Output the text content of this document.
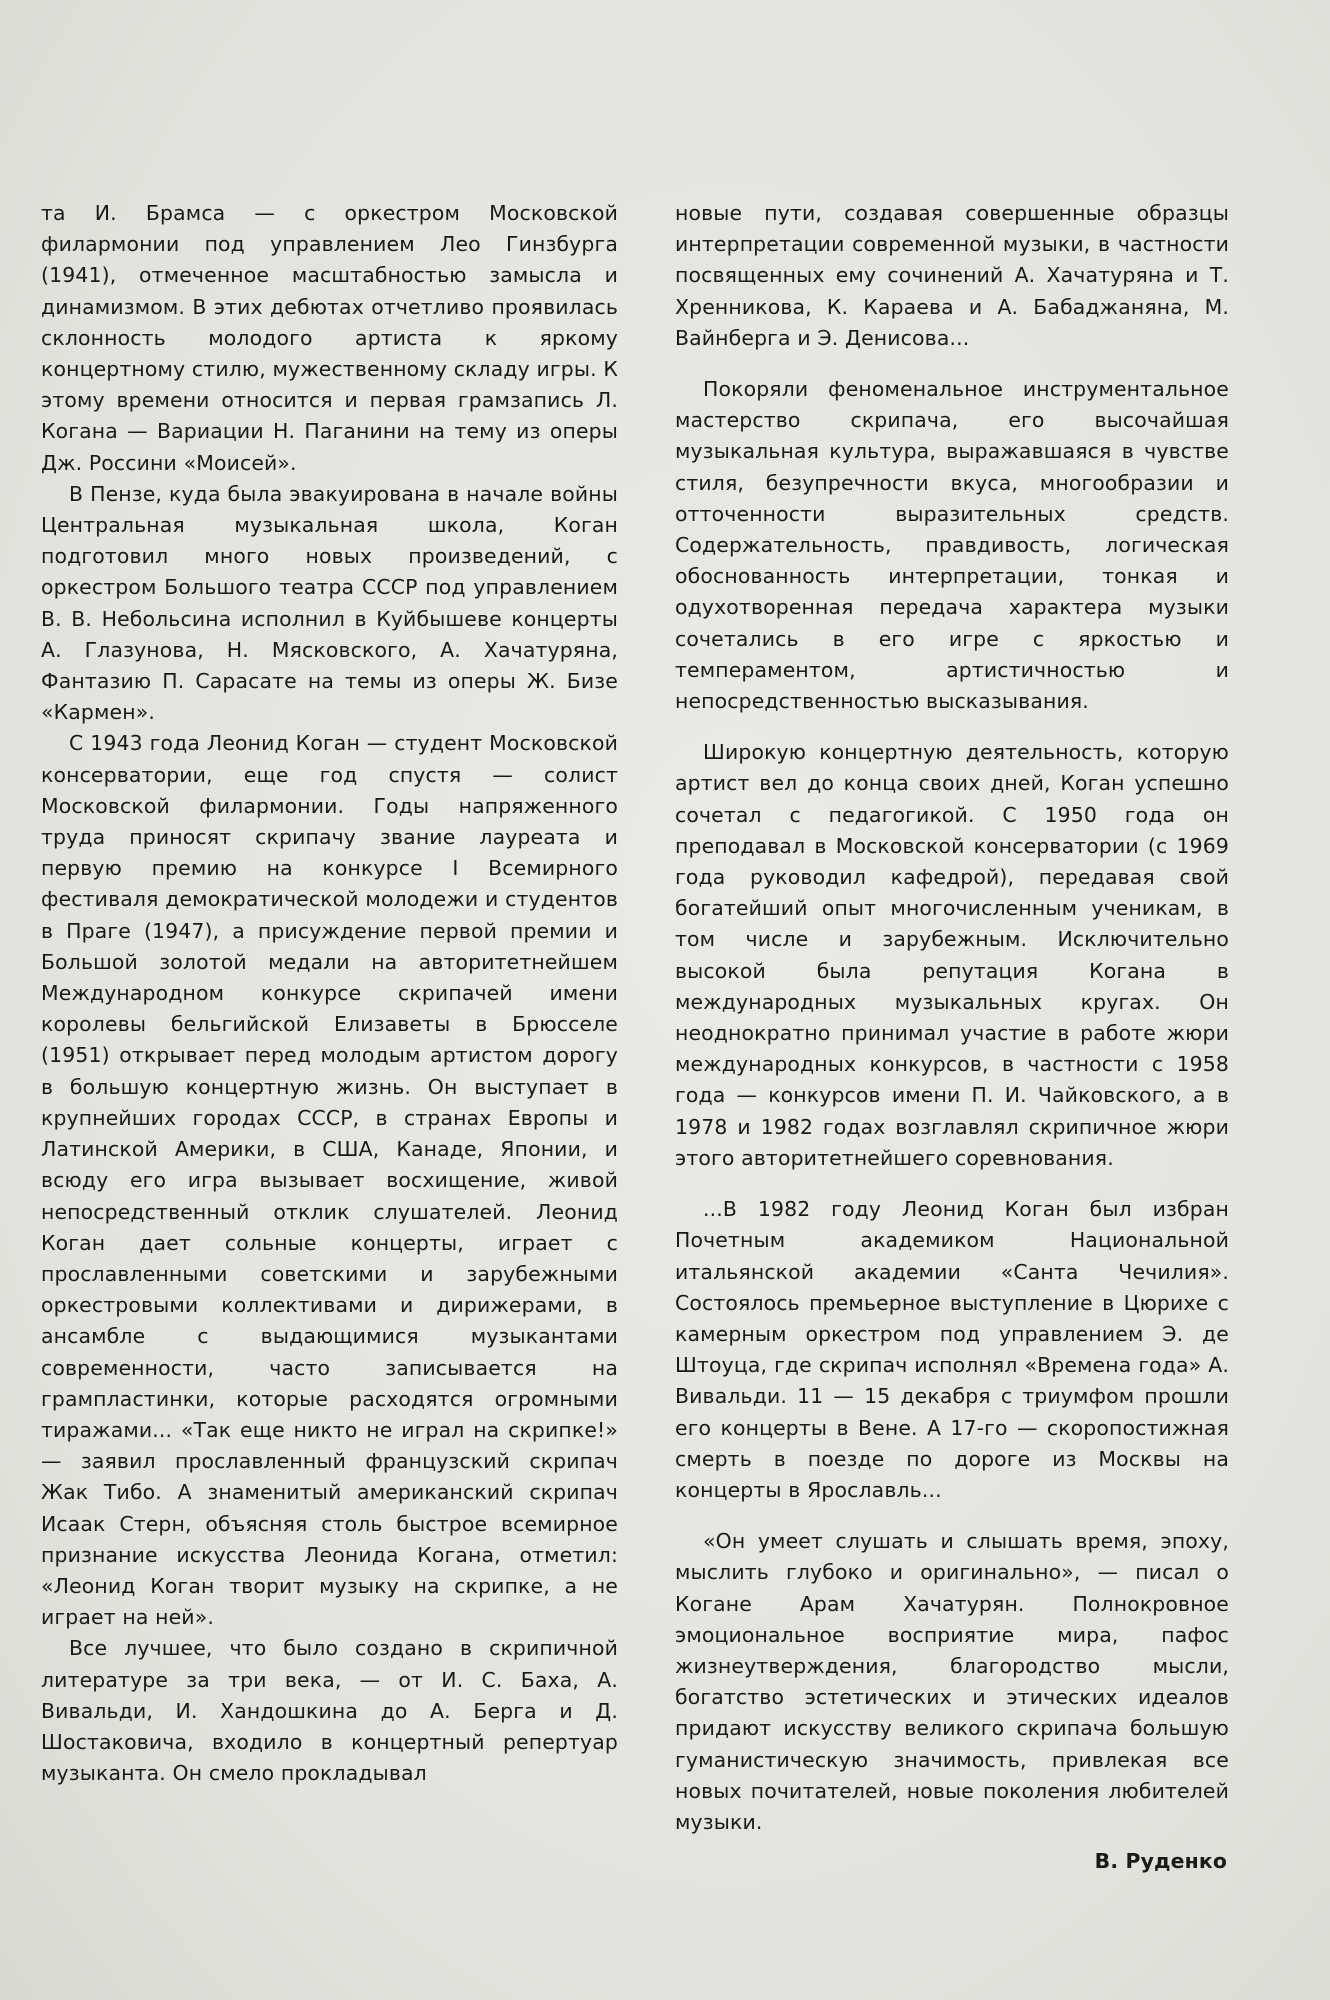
та И. Брамса — с оркестром Московской филармонии под управлением Лео Гинзбурга (1941), отмеченное масштабностью замысла и динамизмом. В этих дебютах отчетливо проявилась склонность молодого артиста к яркому концертному стилю, мужественному складу игры. К этому времени относится и первая грамзапись Л. Когана — Вариации Н. Паганини на тему из оперы Дж. Россини «Моисей».

В Пензе, куда была эвакуирована в начале войны Центральная музыкальная школа, Коган подготовил много новых произведений, с оркестром Большого театра СССР под управлением В. В. Небольсина исполнил в Куйбышеве концерты А. Глазунова, Н. Мясковского, А. Хачатуряна, Фантазию П. Сарасате на темы из оперы Ж. Бизе «Кармен».

С 1943 года Леонид Коган — студент Московской консерватории, еще год спустя — солист Московской филармонии. Годы напряженного труда приносят скрипачу звание лауреата и первую премию на конкурсе I Всемирного фестиваля демократической молодежи и студентов в Праге (1947), а присуждение первой премии и Большой золотой медали на авторитетнейшем Международном конкурсе скрипачей имени королевы бельгийской Елизаветы в Брюсселе (1951) открывает перед молодым артистом дорогу в большую концертную жизнь. Он выступает в крупнейших городах СССР, в странах Европы и Латинской Америки, в США, Канаде, Японии, и всюду его игра вызывает восхищение, живой непосредственный отклик слушателей. Леонид Коган дает сольные концерты, играет с прославленными советскими и зарубежными оркестровыми коллективами и дирижерами, в ансамбле с выдающимися музыкантами современности, часто записывается на грампластинки, которые расходятся огромными тиражами... «Так еще никто не играл на скрипке!» — заявил прославленный французский скрипач Жак Тибо. А знаменитый американский скрипач Исаак Стерн, объясняя столь быстрое всемирное признание искусства Леонида Когана, отметил: «Леонид Коган творит музыку на скрипке, а не играет на ней».

Все лучшее, что было создано в скрипичной литературе за три века, — от И. С. Баха, А. Вивальди, И. Хандошкина до А. Берга и Д. Шостаковича, входило в концертный репертуар музыканта. Он смело прокладывал

новые пути, создавая совершенные образцы интерпретации современной музыки, в частности посвященных ему сочинений А. Хачатуряна и Т. Хренникова, К. Караева и А. Бабаджаняна, М. Вайнберга и Э. Денисова...

Покоряли феноменальное инструментальное мастерство скрипача, его высочайшая музыкальная культура, выражавшаяся в чувстве стиля, безупречности вкуса, многообразии и отточенности выразительных средств. Содержательность, правдивость, логическая обоснованность интерпретации, тонкая и одухотворенная передача характера музыки сочетались в его игре с яркостью и темпераментом, артистичностью и непосредственностью высказывания.

Широкую концертную деятельность, которую артист вел до конца своих дней, Коган успешно сочетал с педагогикой. С 1950 года он преподавал в Московской консерватории (с 1969 года руководил кафедрой), передавая свой богатейший опыт многочисленным ученикам, в том числе и зарубежным. Исключительно высокой была репутация Когана в международных музыкальных кругах. Он неоднократно принимал участие в работе жюри международных конкурсов, в частности с 1958 года — конкурсов имени П. И. Чайковского, а в 1978 и 1982 годах возглавлял скрипичное жюри этого авторитетнейшего соревнования.

...В 1982 году Леонид Коган был избран Почетным академиком Национальной итальянской академии «Санта Чечилия». Состоялось премьерное выступление в Цюрихе с камерным оркестром под управлением Э. де Штоуца, где скрипач исполнял «Времена года» А. Вивальди. 11 — 15 декабря с триумфом прошли его концерты в Вене. А 17-го — скоропостижная смерть в поезде по дороге из Москвы на концерты в Ярославль...

«Он умеет слушать и слышать время, эпоху, мыслить глубоко и оригинально», — писал о Когане Арам Хачатурян. Полнокровное эмоциональное восприятие мира, пафос жизнеутверждения, благородство мысли, богатство эстетических и этических идеалов придают искусству великого скрипача большую гуманистическую значимость, привлекая все новых почитателей, новые поколения любителей музыки.

В. Руденко
